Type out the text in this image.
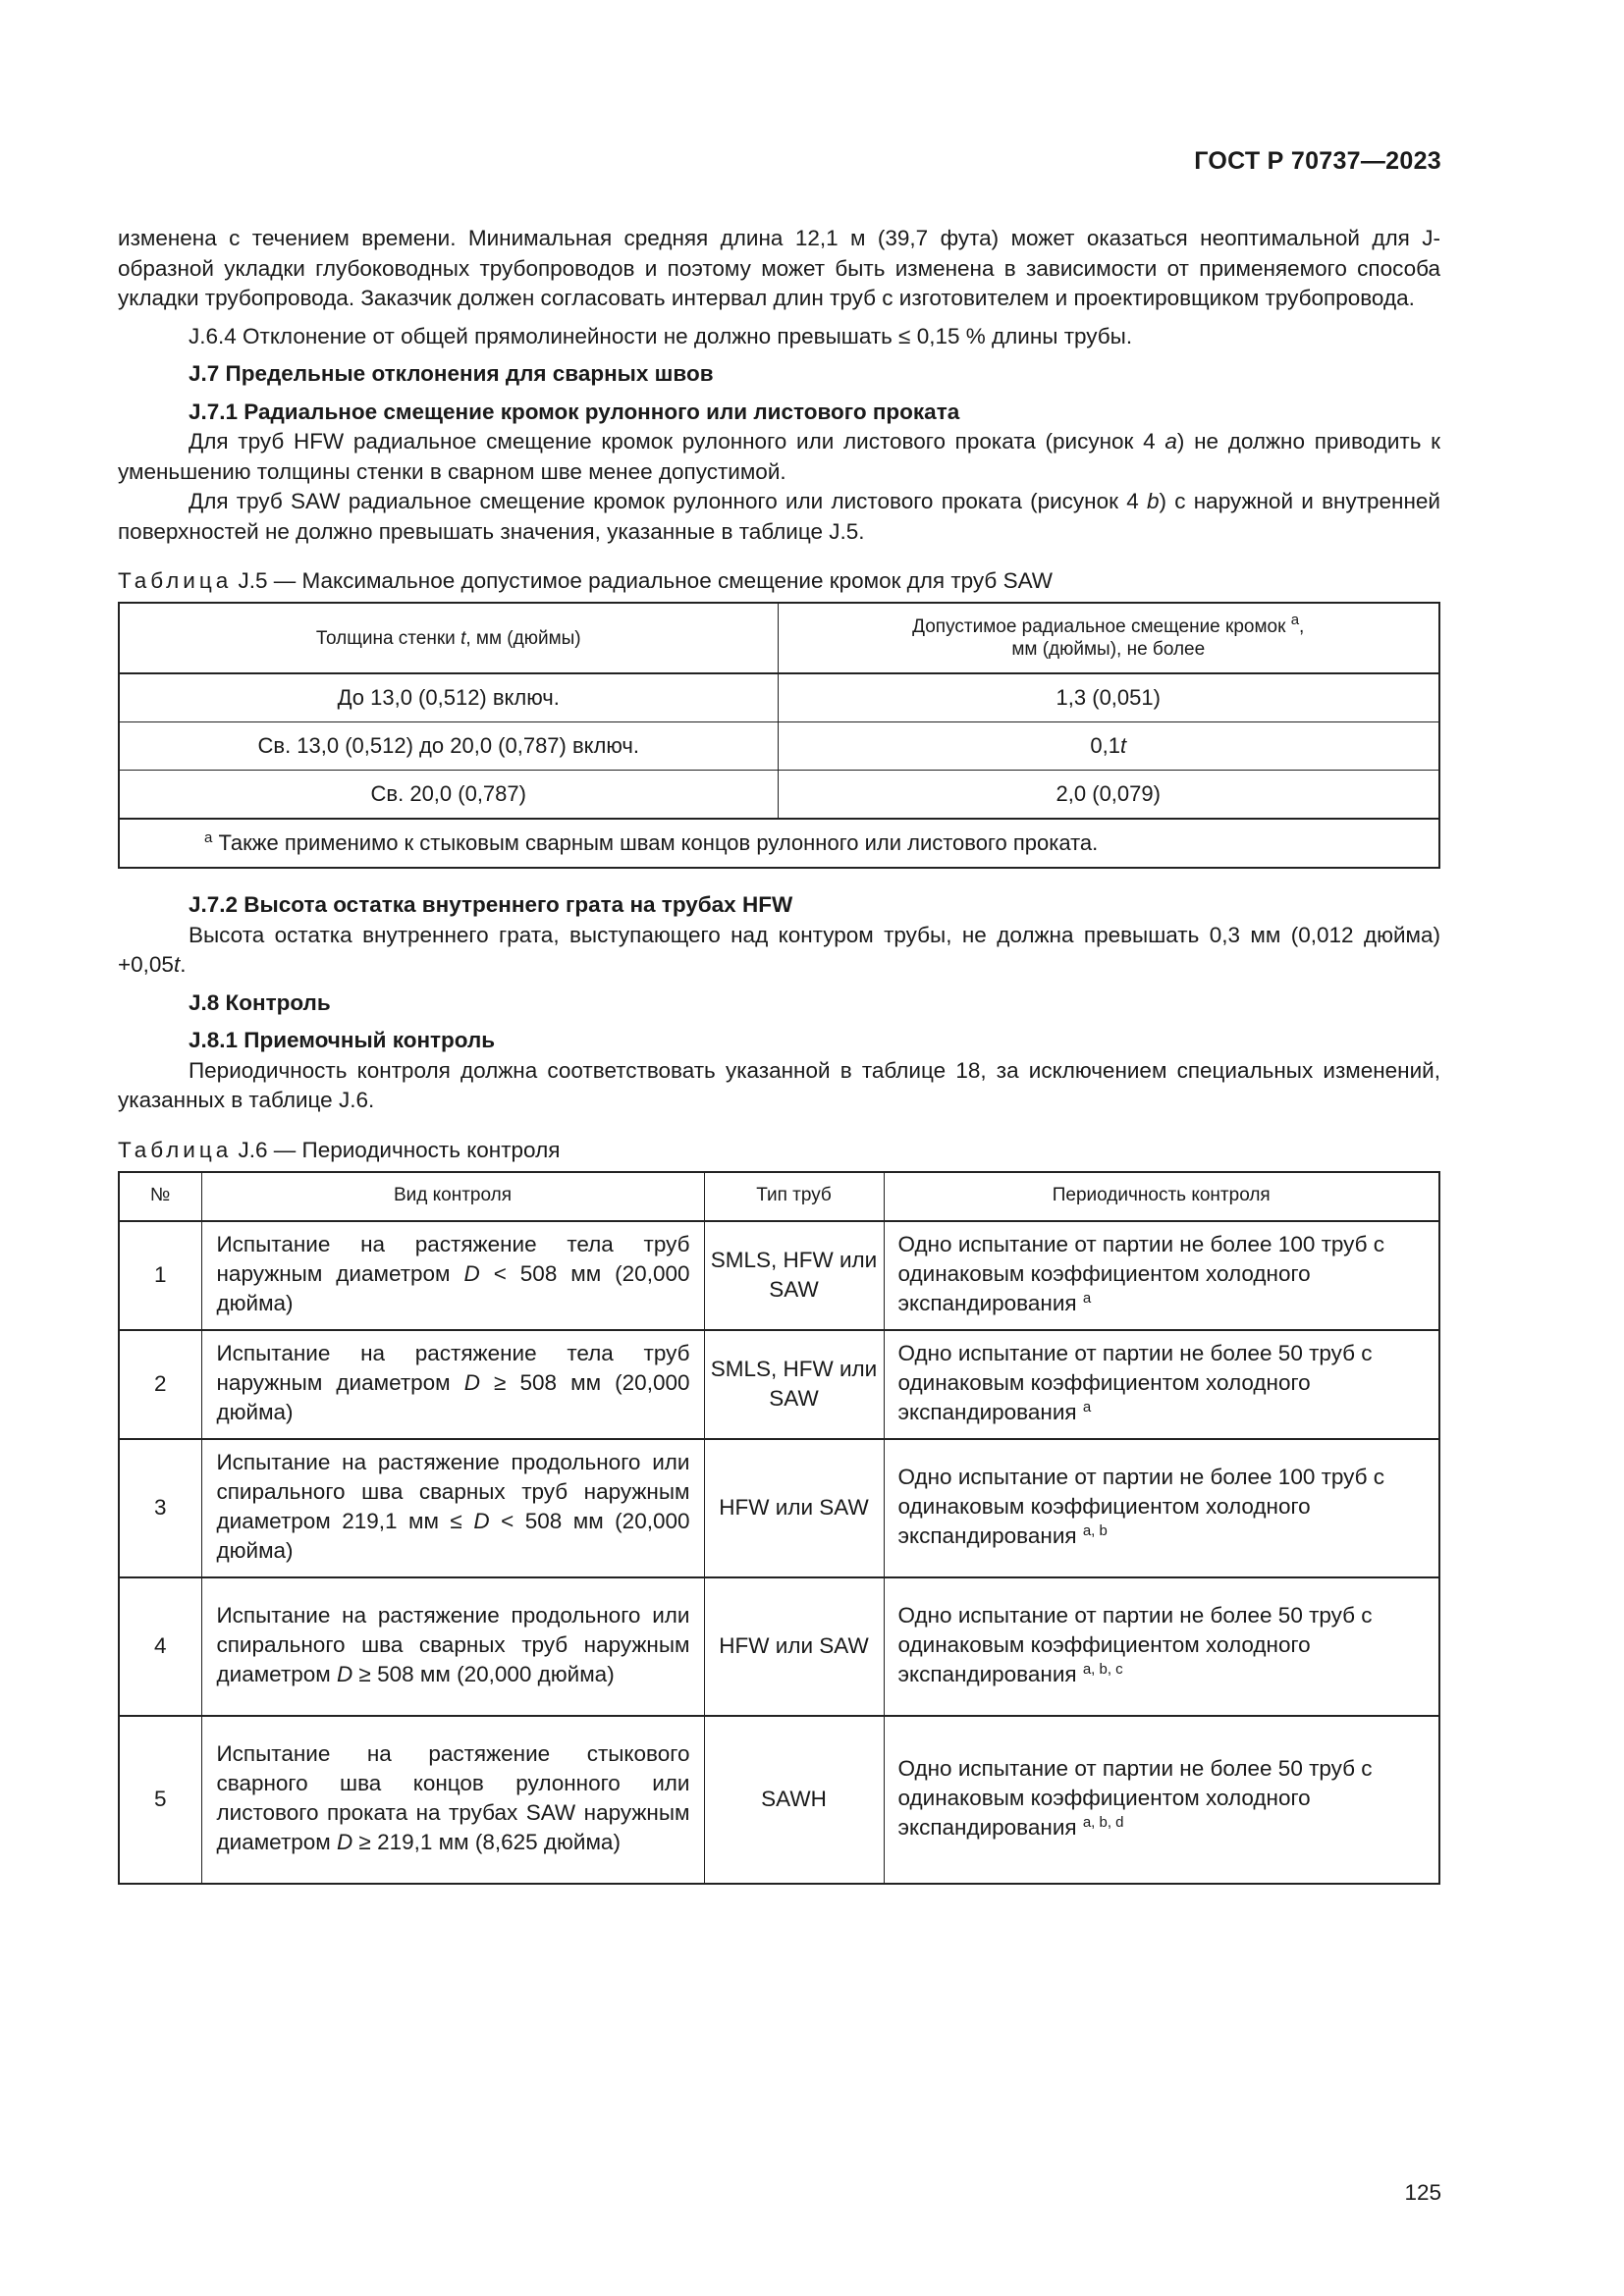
ГОСТ Р 70737—2023

изменена с течением времени. Минимальная средняя длина 12,1 м (39,7 фута) может оказаться неоптимальной для J-образной укладки глубоководных трубопроводов и поэтому может быть изменена в зависимости от применяемого способа укладки трубопровода. Заказчик должен согласовать интервал длин труб с изготовителем и проектировщиком трубопровода.

J.6.4 Отклонение от общей прямолинейности не должно превышать ≤ 0,15 % длины трубы.

J.7 Предельные отклонения для сварных швов

J.7.1 Радиальное смещение кромок рулонного или листового проката

Для труб HFW радиальное смещение кромок рулонного или листового проката (рисунок 4 a) не должно приводить к уменьшению толщины стенки в сварном шве менее допустимой.

Для труб SAW радиальное смещение кромок рулонного или листового проката (рисунок 4 b) с наружной и внутренней поверхностей не должно превышать значения, указанные в таблице J.5.

Таблица J.5 — Максимальное допустимое радиальное смещение кромок для труб SAW

Толщина стенки t, мм (дюймы)	Допустимое радиальное смещение кромок $^a$,
мм (дюймы), не более
До 13,0 (0,512) включ.	1,3 (0,051)
Св. 13,0 (0,512) до 20,0 (0,787) включ.	0,1t
Св. 20,0 (0,787)	2,0 (0,079)
$^a$ Также применимо к стыковым сварным швам концов рулонного или листового проката.	

J.7.2 Высота остатка внутреннего грата на трубах HFW

Высота остатка внутреннего грата, выступающего над контуром трубы, не должна превышать 0,3 мм (0,012 дюйма) +0,05t.

J.8 Контроль

J.8.1 Приемочный контроль

Периодичность контроля должна соответствовать указанной в таблице 18, за исключением специальных изменений, указанных в таблице J.6.

Таблица J.6 — Периодичность контроля

№	Вид контроля	Тип труб	Периодичность контроля
1	Испытание на растяжение тела труб наружным диаметром D < 508 мм (20,000 дюйма)	SMLS, HFW или SAW	Одно испытание от партии не более 100 труб с одинаковым коэффициентом холодного экспандирования $^a$
2	Испытание на растяжение тела труб наружным диаметром D ≥ 508 мм (20,000 дюйма)	SMLS, HFW или SAW	Одно испытание от партии не более 50 труб с одинаковым коэффициентом холодного экспандирования $^a$
3	Испытание на растяжение продольного или спирального шва сварных труб наружным диаметром 219,1 мм ≤ D < 508 мм (20,000 дюйма)	HFW или SAW	Одно испытание от партии не более 100 труб с одинаковым коэффициентом холодного экспандирования $^{a, b}$
4	Испытание на растяжение продольного или спирального шва сварных труб наружным диаметром D ≥ 508 мм (20,000 дюйма)	HFW или SAW	Одно испытание от партии не более 50 труб с одинаковым коэффициентом холодного экспандирования $^{a, b, c}$
5	Испытание на растяжение стыкового сварного шва концов рулонного или листового проката на трубах SAW наружным диаметром D ≥ 219,1 мм (8,625 дюйма)	SAWH	Одно испытание от партии не более 50 труб с одинаковым коэффициентом холодного экспандирования $^{a, b, d}$
125
